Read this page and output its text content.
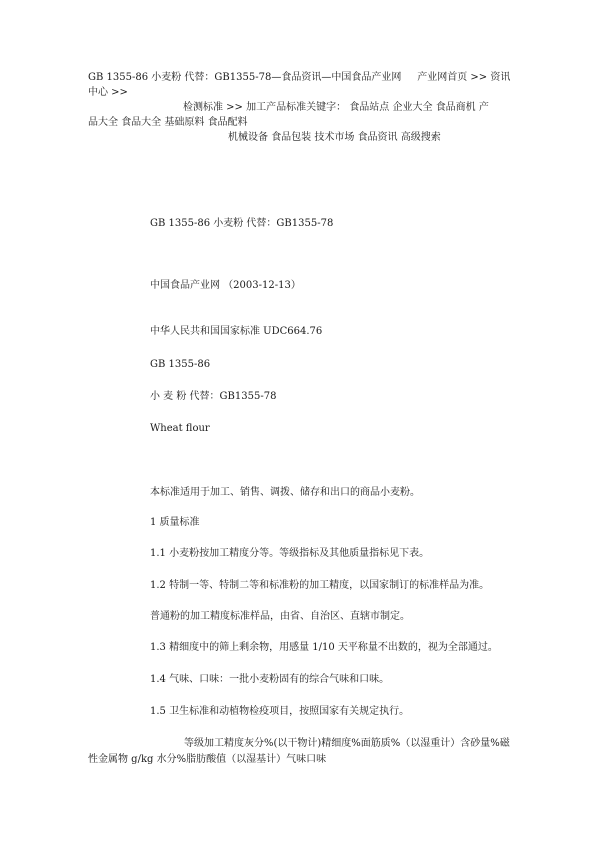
GB 1355-86 小麦粉 代替：GB1355-78—食品资讯—中国食品产业网 产业网首页 >> 资讯
中心 >>
检测标准 >> 加工产品标准关键字： 食品站点 企业大全 食品商机 产
品大全 食品大全 基础原料 食品配料
机械设备 食品包装 技术市场 食品资讯 高级搜索
GB 1355-86 小麦粉 代替：GB1355-78
中国食品产业网 （2003-12-13）
中华人民共和国国家标准 UDC664.76
GB 1355-86
小 麦 粉 代替：GB1355-78
Wheat flour
本标准适用于加工、销售、调拨、储存和出口的商品小麦粉。
1 质量标准
1.1 小麦粉按加工精度分等。等级指标及其他质量指标见下表。
1.2 特制一等、特制二等和标准粉的加工精度，以国家制订的标准样品为准。
普通粉的加工精度标准样品，由省、自治区、直辖市制定。
1.3 精细度中的筛上剩余物，用感量 1/10 天平称量不出数的，视为全部通过。
1.4 气味、口味：一批小麦粉固有的综合气味和口味。
1.5 卫生标准和动植物检疫项目，按照国家有关规定执行。
等级加工精度灰分%(以干物计)精细度%面筋质%（以湿重计）含砂量%磁
性金属物 g/kg 水分%脂肪酸值（以湿基计）气味口味
